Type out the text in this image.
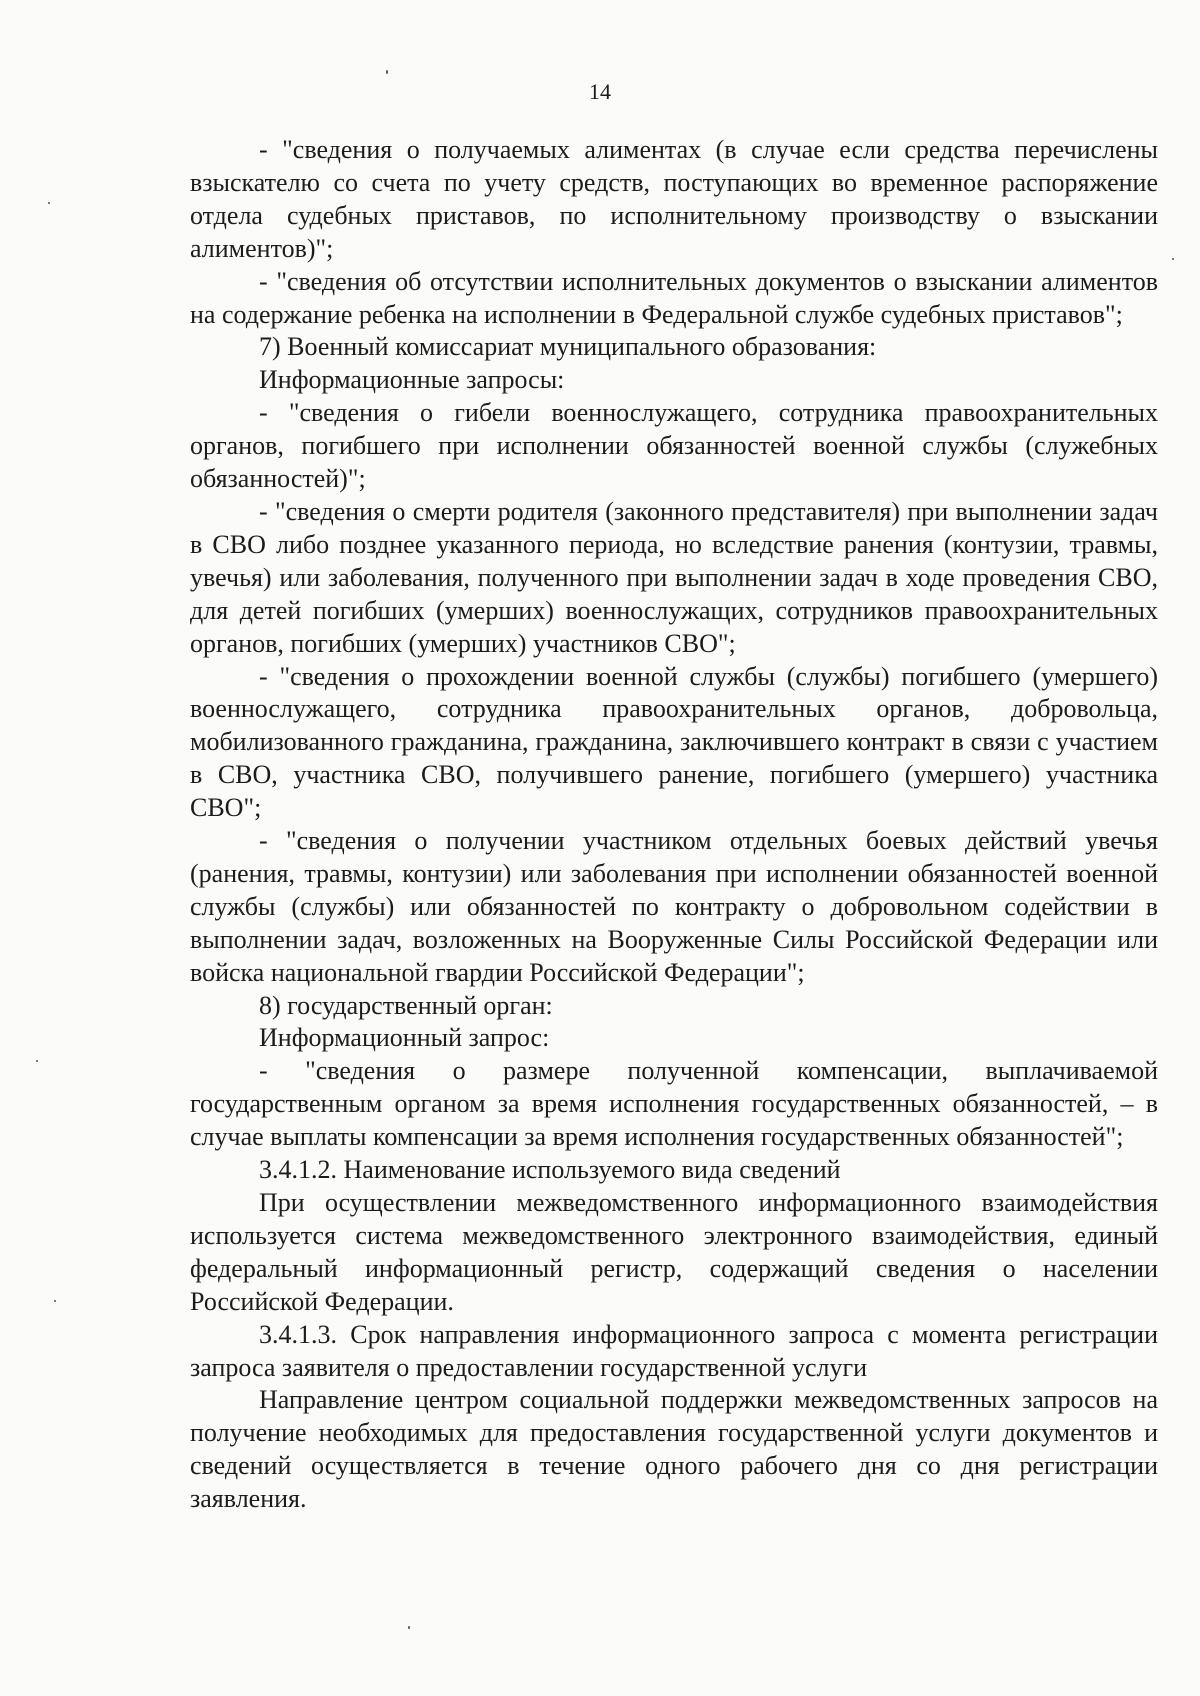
14

- "сведения о получаемых алиментах (в случае если средства перечислены взыскателю со счета по учету средств, поступающих во временное распоряжение отдела судебных приставов, по исполнительному производству о взыскании алиментов)";

- "сведения об отсутствии исполнительных документов о взыскании алиментов на содержание ребенка на исполнении в Федеральной службе судебных приставов";

7) Военный комиссариат муниципального образования:

Информационные запросы:

- "сведения о гибели военнослужащего, сотрудника правоохранительных органов, погибшего при исполнении обязанностей военной службы (служебных обязанностей)";

- "сведения о смерти родителя (законного представителя) при выполнении задач в СВО либо позднее указанного периода, но вследствие ранения (контузии, травмы, увечья) или заболевания, полученного при выполнении задач в ходе проведения СВО, для детей погибших (умерших) военнослужащих, сотрудников правоохранительных органов, погибших (умерших) участников СВО";

- "сведения о прохождении военной службы (службы) погибшего (умершего) военнослужащего, сотрудника правоохранительных органов, добровольца, мобилизованного гражданина, гражданина, заключившего контракт в связи с участием в СВО, участника СВО, получившего ранение, погибшего (умершего) участника СВО";

- "сведения о получении участником отдельных боевых действий увечья (ранения, травмы, контузии) или заболевания при исполнении обязанностей военной службы (службы) или обязанностей по контракту о добровольном содействии в выполнении задач, возложенных на Вооруженные Силы Российской Федерации или войска национальной гвардии Российской Федерации";

8) государственный орган:

Информационный запрос:

- "сведения о размере полученной компенсации, выплачиваемой государственным органом за время исполнения государственных обязанностей, – в случае выплаты компенсации за время исполнения государственных обязанностей";

3.4.1.2. Наименование используемого вида сведений

При осуществлении межведомственного информационного взаимодействия используется система межведомственного электронного взаимодействия, единый федеральный информационный регистр, содержащий сведения о населении Российской Федерации.

3.4.1.3. Срок направления информационного запроса с момента регистрации запроса заявителя о предоставлении государственной услуги

Направление центром социальной поддержки межведомственных запросов на получение необходимых для предоставления государственной услуги документов и сведений осуществляется в течение одного рабочего дня со дня регистрации заявления.
